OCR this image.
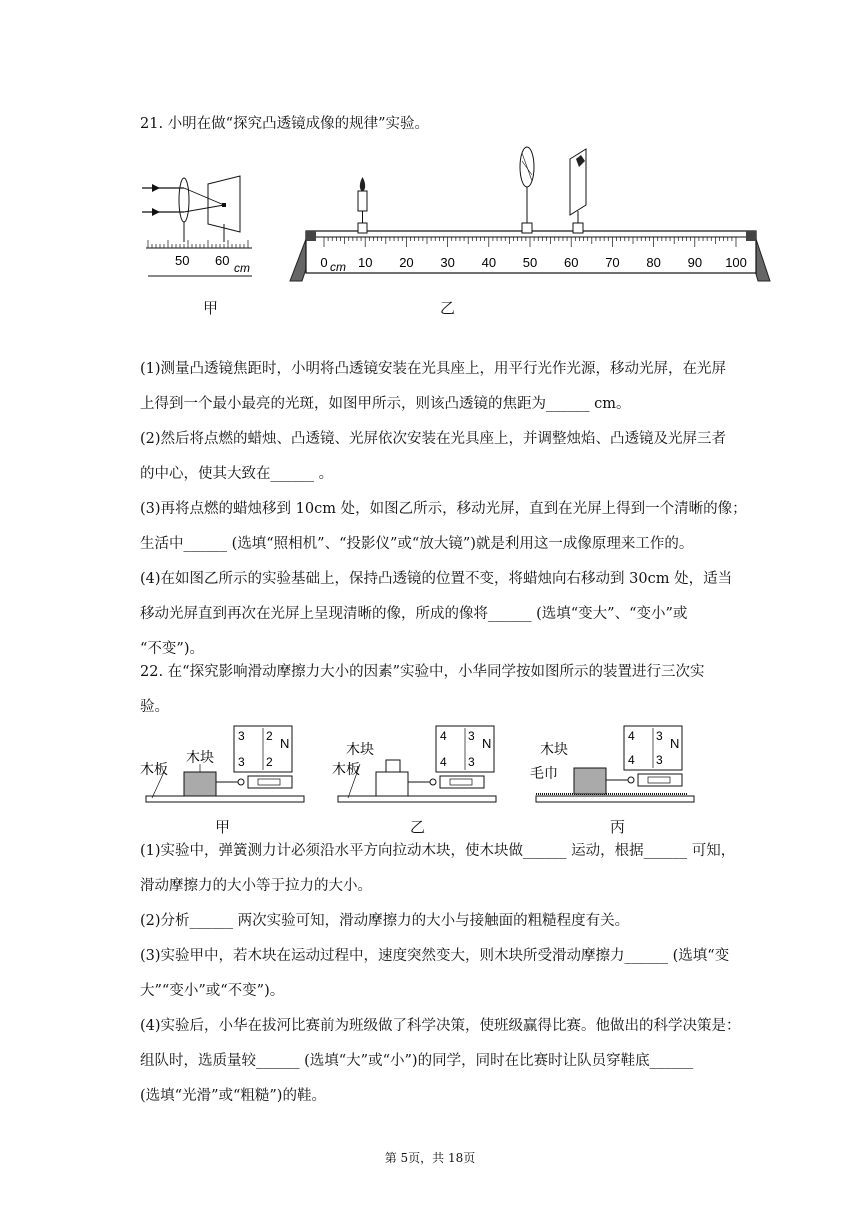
21. 小明在做“探究凸透镜成像的规律”实验。
50 60 cm
甲
0 10 20 30 40 50 60 70 80 90 100
cm
乙
(1)测量凸透镜焦距时，小明将凸透镜安装在光具座上，用平行光作光源，移动光屏，在光屏
上得到一个最小最亮的光斑，如图甲所示，则该凸透镜的焦距为______ cm。
(2)然后将点燃的蜡烛、凸透镜、光屏依次安装在光具座上，并调整烛焰、凸透镜及光屏三者
的中心，使其大致在______ 。
(3)再将点燃的蜡烛移到 10cm 处，如图乙所示，移动光屏，直到在光屏上得到一个清晰的像；
生活中______ (选填“照相机”、“投影仪”或“放大镜”)就是利用这一成像原理来工作的。
(4)在如图乙所示的实验基础上，保持凸透镜的位置不变，将蜡烛向右移动到 30cm 处，适当
移动光屏直到再次在光屏上呈现清晰的像，所成的像将______ (选填“变大”、“变小”或
“不变”)。
22. 在“探究影响滑动摩擦力大小的因素”实验中，小华同学按如图所示的装置进行三次实
验。
木板
木块
3 2 N
3 2
甲
木板
木块
4 3 N
4 3
乙
毛巾
木块
4 3 N
4 3
丙
(1)实验中，弹簧测力计必须沿水平方向拉动木块，使木块做______ 运动，根据______ 可知，
滑动摩擦力的大小等于拉力的大小。
(2)分析______ 两次实验可知，滑动摩擦力的大小与接触面的粗糙程度有关。
(3)实验甲中，若木块在运动过程中，速度突然变大，则木块所受滑动摩擦力______ (选填“变
大”“变小”或“不变”)。
(4)实验后，小华在拔河比赛前为班级做了科学决策，使班级赢得比赛。他做出的科学决策是：
组队时，选质量较______ (选填“大”或“小”)的同学，同时在比赛时让队员穿鞋底______
(选填“光滑”或“粗糙”)的鞋。
第 5页，共 18页
